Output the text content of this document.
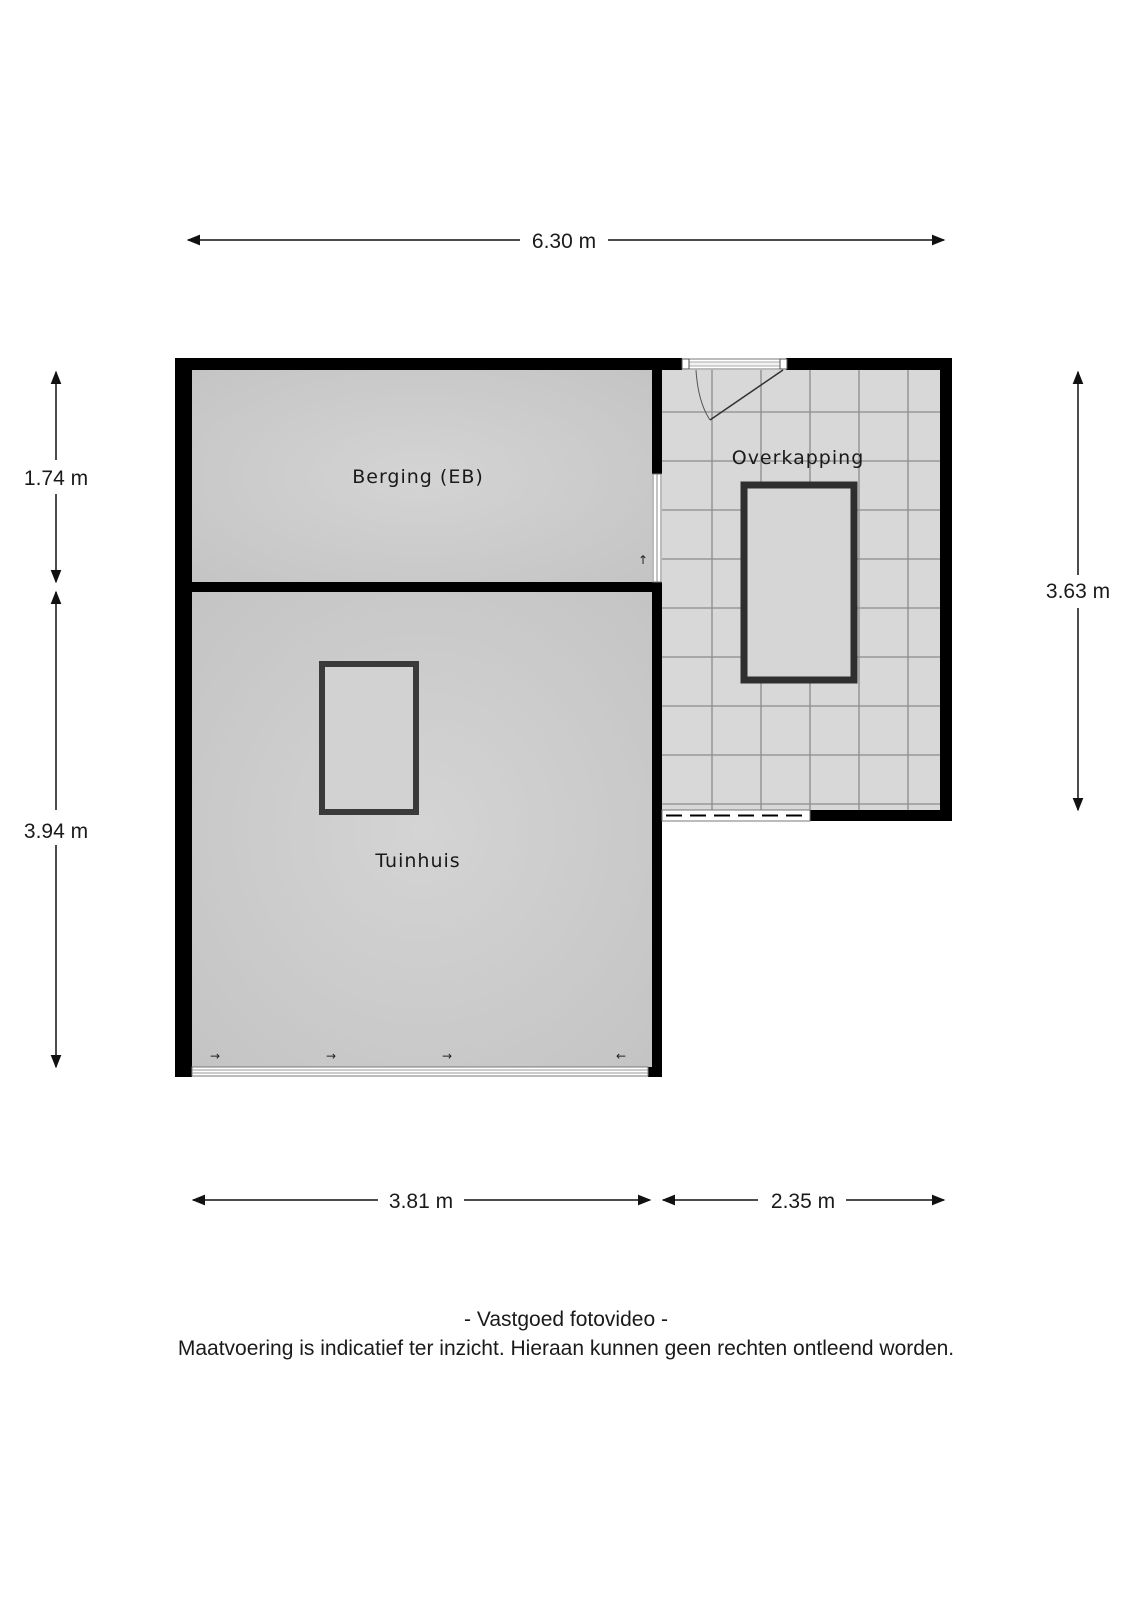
↑
→	→	→	←
Berging (EB)
Overkapping
Tuinhuis
6.30 m
1.74 m
3.94 m
3.63 m
3.81 m	2.35 m
- Vastgoed fotovideo -
Maatvoering is indicatief ter inzicht. Hieraan kunnen geen rechten ontleend worden.
